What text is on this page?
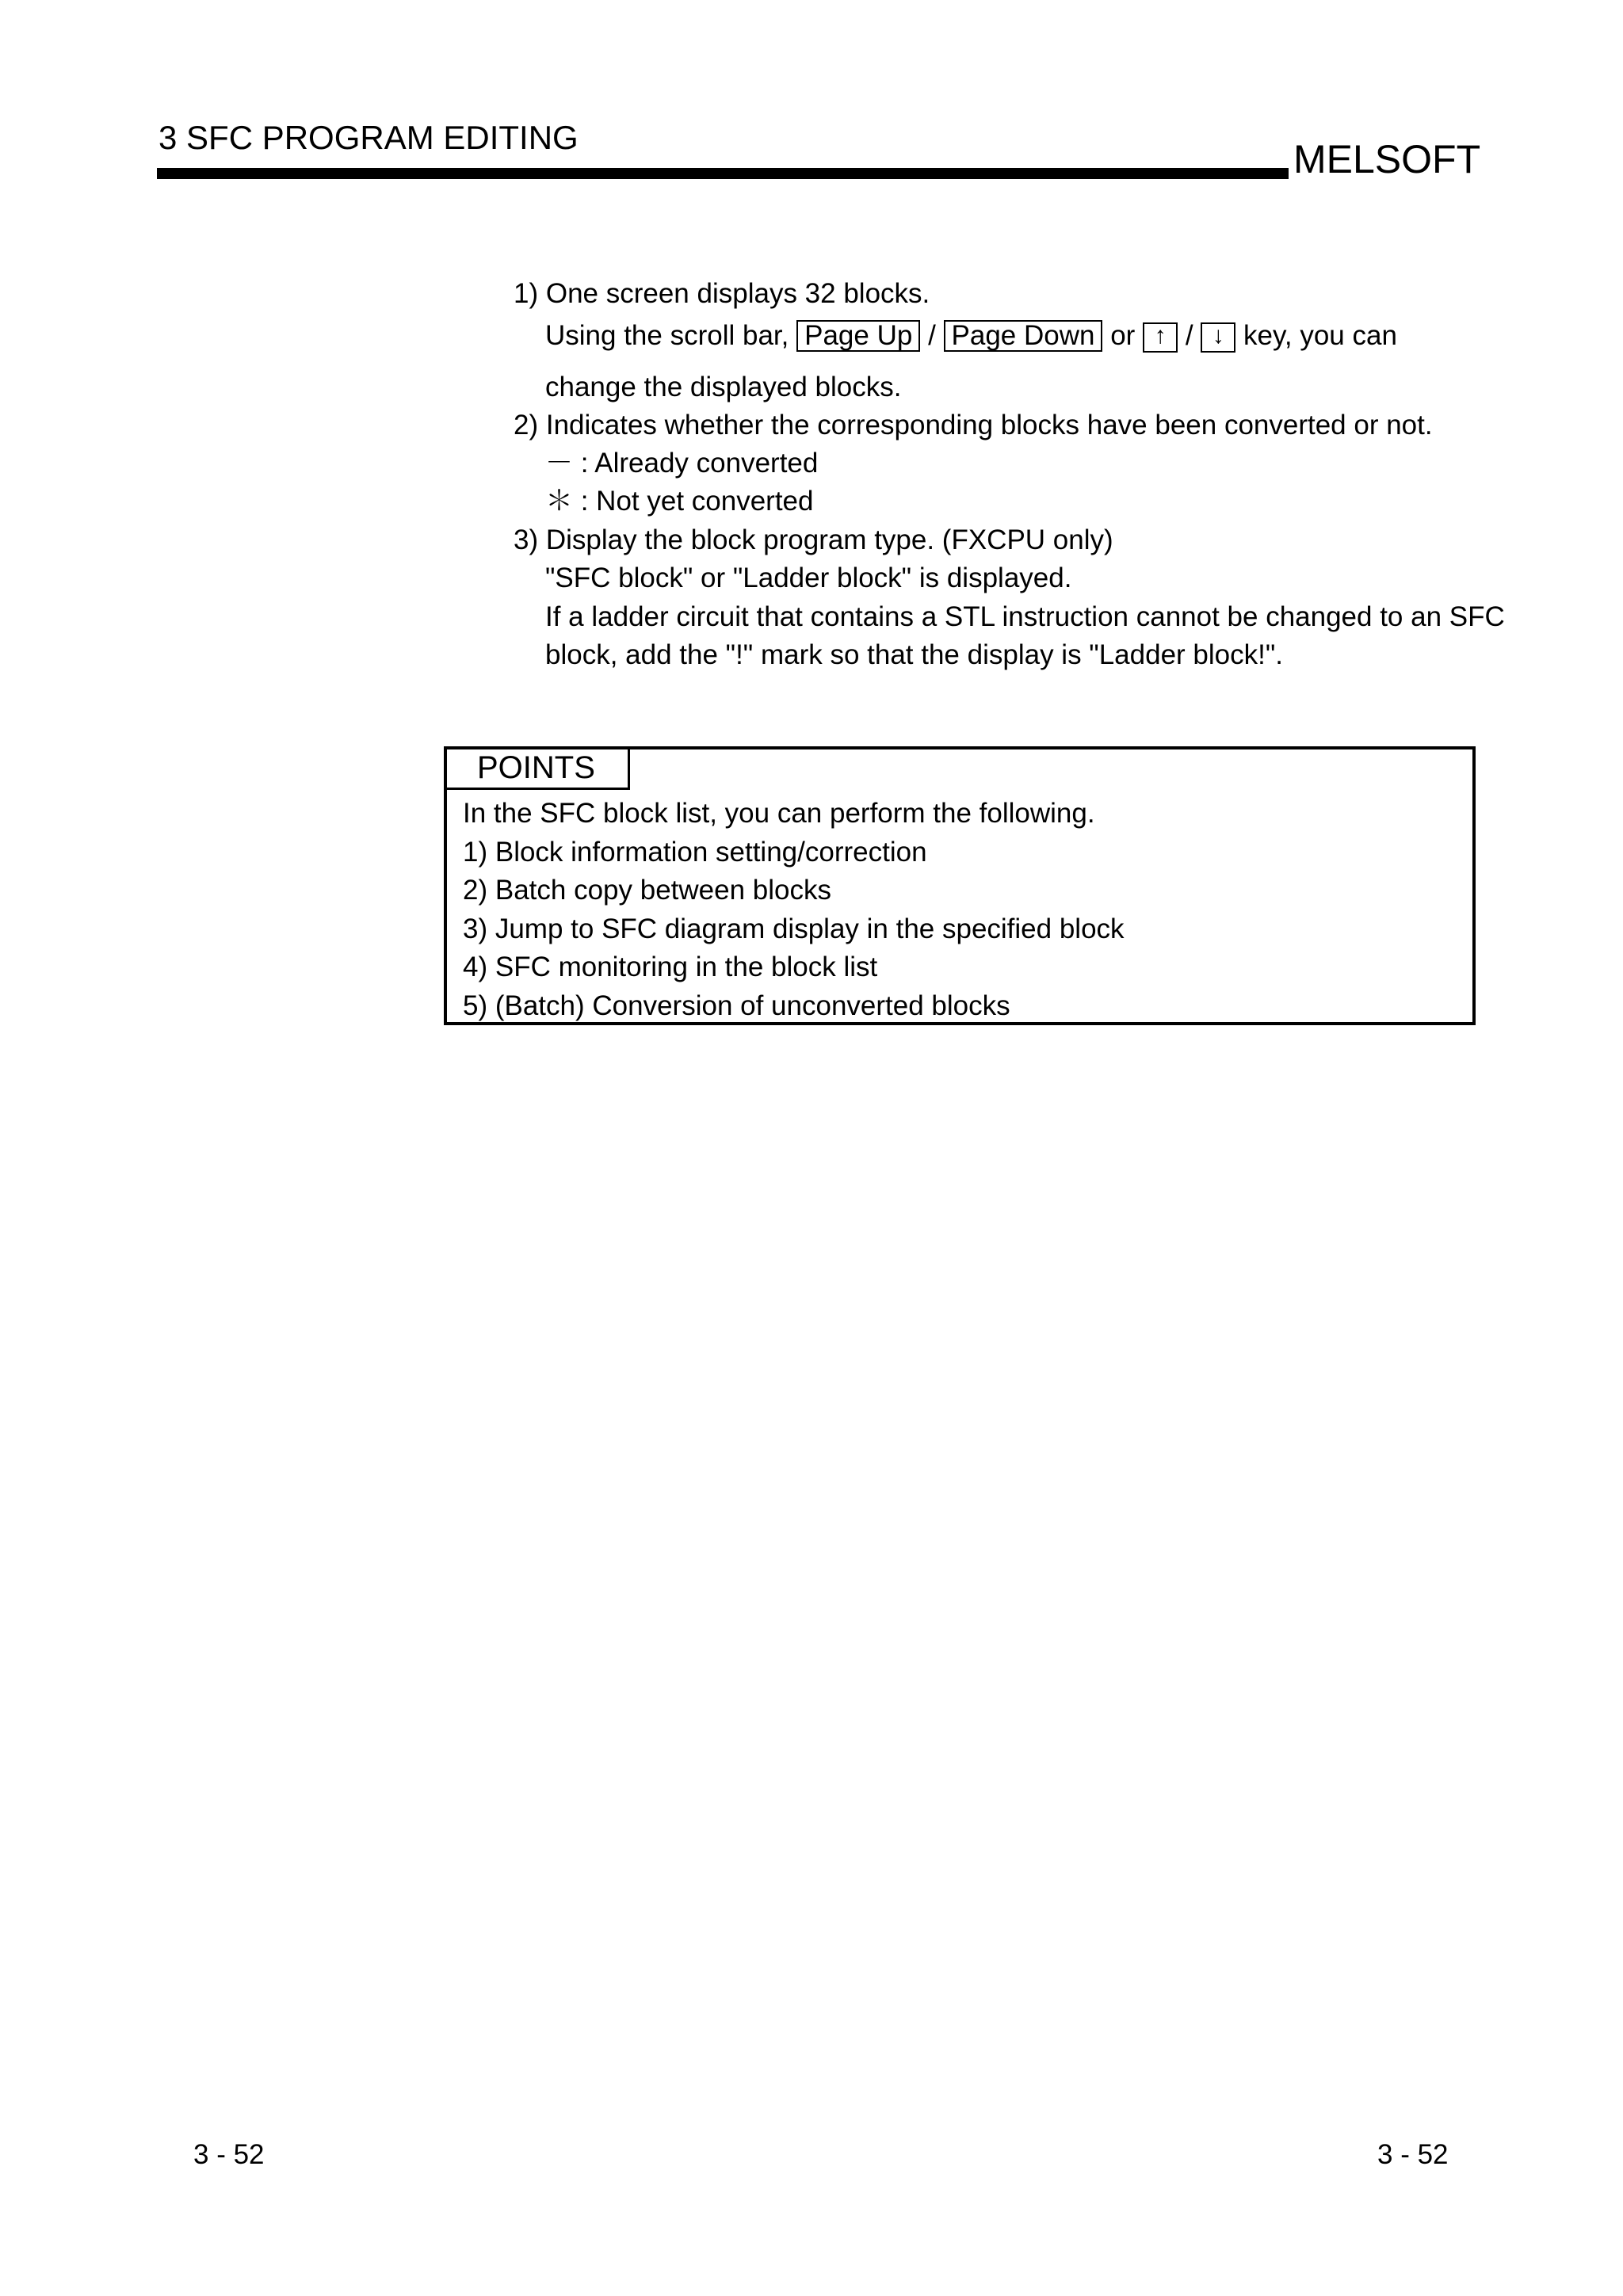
3 SFC PROGRAM EDITING	MELSOFT
1) One screen displays 32 blocks.
Using the scroll bar, Page Up / Page Down or ↑ / ↓ key, you can
change the displayed blocks.
2) Indicates whether the corresponding blocks have been converted or not.
－ : Already converted
＊ : Not yet converted
3) Display the block program type. (FXCPU only)
"SFC block" or "Ladder block" is displayed.
If a ladder circuit that contains a STL instruction cannot be changed to an SFC
block, add the "!" mark so that the display is "Ladder block!".
POINTS
In the SFC block list, you can perform the following.
1) Block information setting/correction
2) Batch copy between blocks
3) Jump to SFC diagram display in the specified block
4) SFC monitoring in the block list
5) (Batch) Conversion of unconverted blocks
3 - 52	3 - 52
